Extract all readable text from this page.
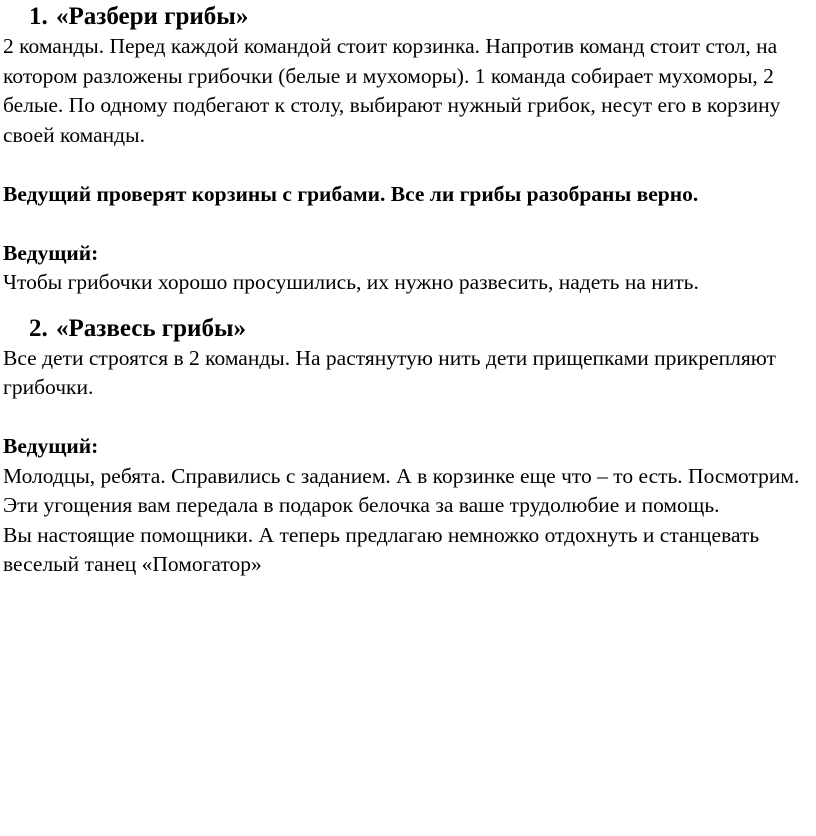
1. «Разбери грибы»
2 команды. Перед каждой командой стоит корзинка. Напротив команд стоит стол, на
котором разложены грибочки (белые и мухоморы). 1 команда собирает мухоморы, 2
белые. По одному подбегают к столу, выбирают нужный грибок, несут его в корзину
своей команды.
Ведущий проверят корзины с грибами. Все ли грибы разобраны верно.
Ведущий:
Чтобы грибочки хорошо просушились, их нужно развесить, надеть на нить.
2. «Развесь грибы»
Все дети строятся в 2 команды. На растянутую нить дети прищепками прикрепляют
грибочки.
Ведущий:
Молодцы, ребята. Справились с заданием. А в корзинке еще что – то есть. Посмотрим.
Эти угощения вам передала в подарок белочка за ваше трудолюбие и помощь.
Вы настоящие помощники. А теперь предлагаю немножко отдохнуть и станцевать
веселый танец «Помогатор»
